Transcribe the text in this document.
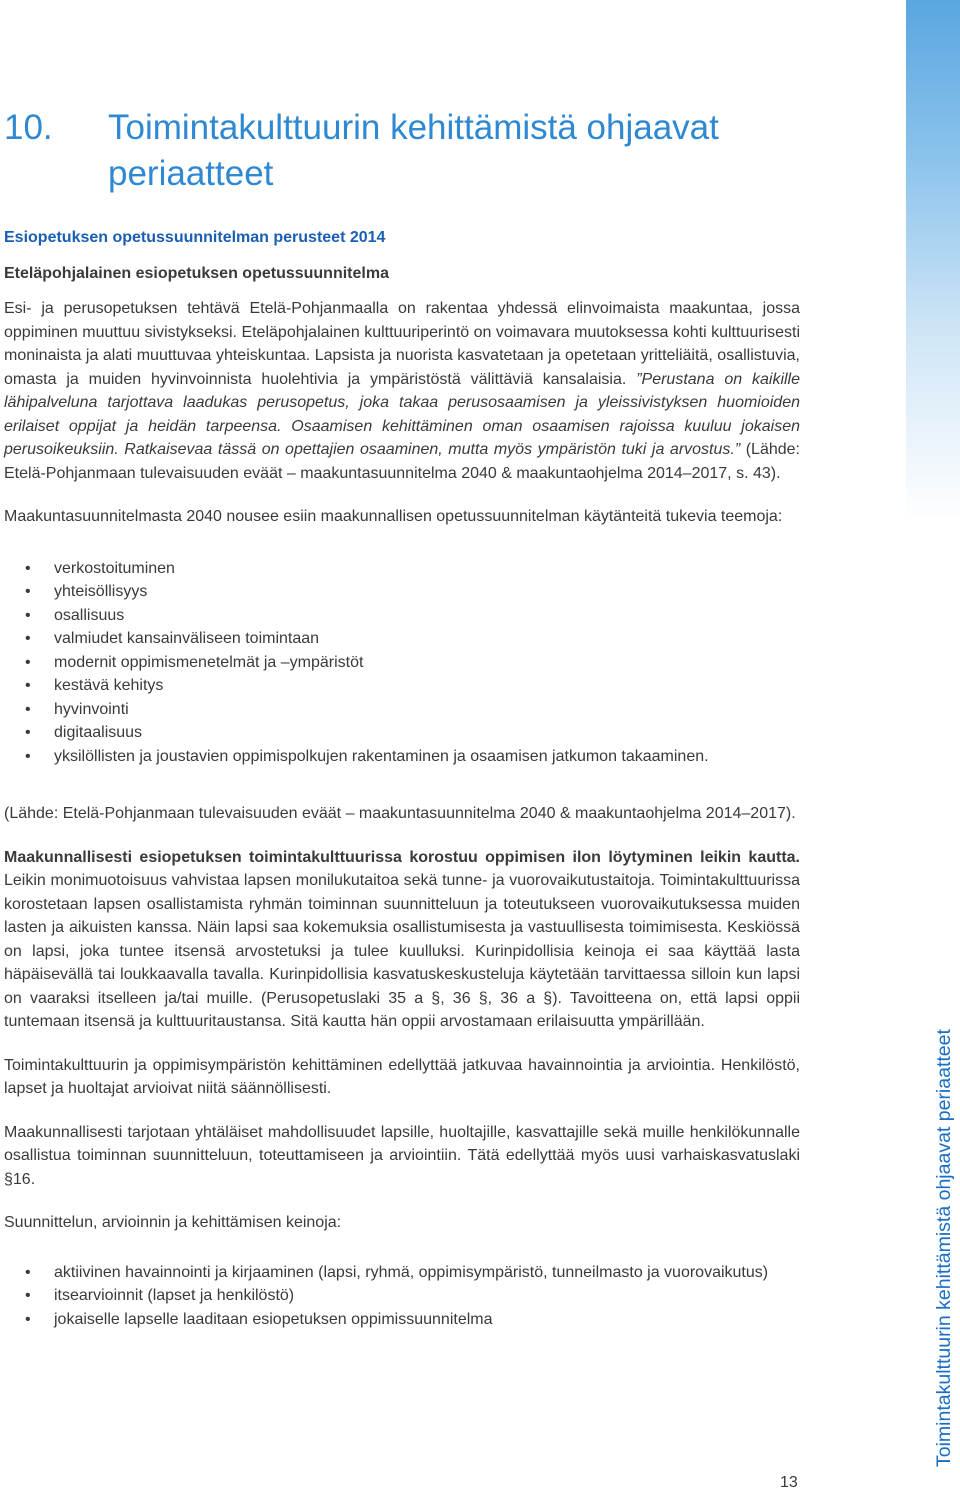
Toimintakulttuurin kehittämistä ohjaavat periaatteet
10. Toimintakulttuurin kehittämistä ohjaavat periaatteet

Esiopetuksen opetussuunnitelman perusteet 2014

Eteläpohjalainen esiopetuksen opetussuunnitelma

Esi- ja perusopetuksen tehtävä Etelä-Pohjanmaalla on rakentaa yhdessä elinvoimaista maakuntaa, jossa oppiminen muuttuu sivistykseksi. Eteläpohjalainen kulttuuriperintö on voimavara muutoksessa kohti kulttuurisesti moninaista ja alati muuttuvaa yhteiskuntaa. Lapsista ja nuorista kasvatetaan ja opetetaan yritteliäitä, osallistuvia, omasta ja muiden hyvinvoinnista huolehtivia ja ympäristöstä välittäviä kansalaisia. ”Perustana on kaikille lähipalveluna tarjottava laadukas perusopetus, joka takaa perusosaamisen ja yleissivistyksen huomioiden erilaiset oppijat ja heidän tarpeensa. Osaamisen kehittäminen oman osaamisen rajoissa kuuluu jokaisen perusoikeuksiin. Ratkaisevaa tässä on opettajien osaaminen, mutta myös ympäristön tuki ja arvostus.” (Lähde: Etelä-Pohjanmaan tulevaisuuden eväät – maakuntasuunnitelma 2040 & maakuntaohjelma 2014–2017, s. 43).

Maakuntasuunnitelmasta 2040 nousee esiin maakunnallisen opetussuunnitelman käytänteitä tukevia teemoja:

• verkostoituminen
• yhteisöllisyys
• osallisuus
• valmiudet kansainväliseen toimintaan
• modernit oppimismenetelmät ja –ympäristöt
• kestävä kehitys
• hyvinvointi
• digitaalisuus
• yksilöllisten ja joustavien oppimispolkujen rakentaminen ja osaamisen jatkumon takaaminen.

(Lähde: Etelä-Pohjanmaan tulevaisuuden eväät – maakuntasuunnitelma 2040 & maakuntaohjelma 2014–2017).

Maakunnallisesti esiopetuksen toimintakulttuurissa korostuu oppimisen ilon löytyminen leikin kautta. Leikin monimuotoisuus vahvistaa lapsen monilukutaitoa sekä tunne- ja vuorovaikutustaitoja. Toimintakulttuurissa korostetaan lapsen osallistamista ryhmän toiminnan suunnitteluun ja toteutukseen vuorovaikutuksessa muiden lasten ja aikuisten kanssa. Näin lapsi saa kokemuksia osallistumisesta ja vastuullisesta toimimisesta. Keskiössä on lapsi, joka tuntee itsensä arvostetuksi ja tulee kuulluksi. Kurinpidollisia keinoja ei saa käyttää lasta häpäisevällä tai loukkaavalla tavalla. Kurinpidollisia kasvatuskeskusteluja käytetään tarvittaessa silloin kun lapsi on vaaraksi itselleen ja/tai muille. (Perusopetuslaki 35 a §, 36 §, 36 a §). Tavoitteena on, että lapsi oppii tuntemaan itsensä ja kulttuuritaustansa. Sitä kautta hän oppii arvostamaan erilaisuutta ympärillään.

Toimintakulttuurin ja oppimisympäristön kehittäminen edellyttää jatkuvaa havainnointia ja arviointia. Henkilöstö, lapset ja huoltajat arvioivat niitä säännöllisesti.

Maakunnallisesti tarjotaan yhtäläiset mahdollisuudet lapsille, huoltajille, kasvattajille sekä muille henkilökunnalle osallistua toiminnan suunnitteluun, toteuttamiseen ja arviointiin. Tätä edellyttää myös uusi varhaiskasvatuslaki §16.

Suunnittelun, arvioinnin ja kehittämisen keinoja:

• aktiivinen havainnointi ja kirjaaminen (lapsi, ryhmä, oppimisympäristö, tunneilmasto ja vuorovaikutus)
• itsearvioinnit (lapset ja henkilöstö)
• jokaiselle lapselle laaditaan esiopetuksen oppimissuunnitelma
13
